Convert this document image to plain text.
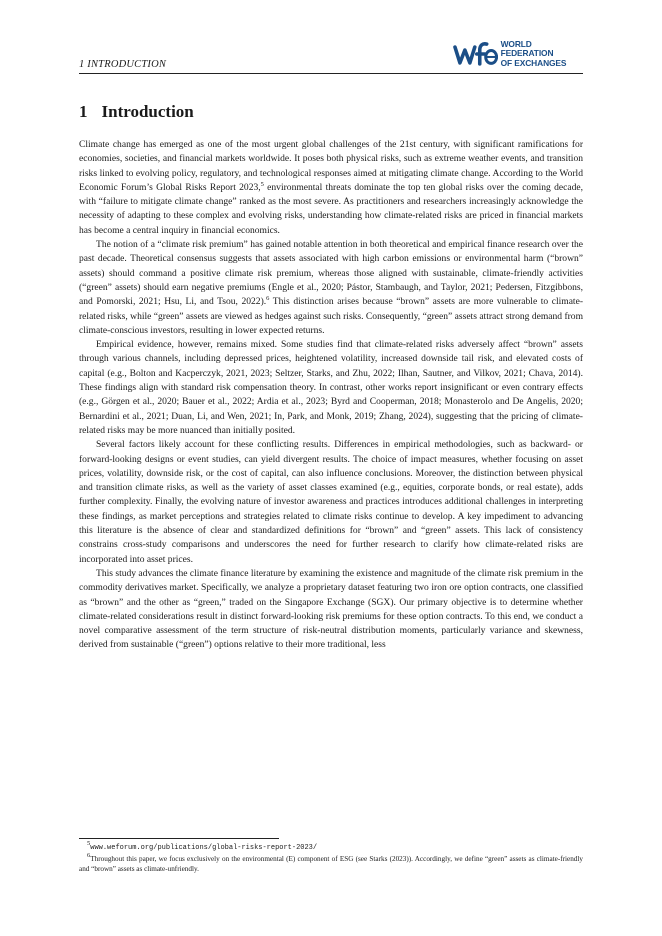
1 INTRODUCTION
WORLD FEDERATION
OF EXCHANGES
1 Introduction

Climate change has emerged as one of the most urgent global challenges of the 21st century, with significant ramifications for economies, societies, and financial markets worldwide. It poses both physical risks, such as extreme weather events, and transition risks linked to evolving policy, regulatory, and technological responses aimed at mitigating climate change. According to the World Economic Forum’s Global Risks Report 2023,$^5$ environmental threats dominate the top ten global risks over the coming decade, with “failure to mitigate climate change” ranked as the most severe. As practitioners and researchers increasingly acknowledge the necessity of adapting to these complex and evolving risks, understanding how climate-related risks are priced in financial markets has become a central inquiry in financial economics.

The notion of a “climate risk premium” has gained notable attention in both theoretical and empirical finance research over the past decade. Theoretical consensus suggests that assets associated with high carbon emissions or environmental harm (“brown” assets) should command a positive climate risk premium, whereas those aligned with sustainable, climate-friendly activities (“green” assets) should earn negative premiums (Engle et al., 2020; Pástor, Stambaugh, and Taylor, 2021; Pedersen, Fitzgibbons, and Pomorski, 2021; Hsu, Li, and Tsou, 2022).$^6$ This distinction arises because “brown” assets are more vulnerable to climate-related risks, while “green” assets are viewed as hedges against such risks. Consequently, “green” assets attract strong demand from climate-conscious investors, resulting in lower expected returns.

Empirical evidence, however, remains mixed. Some studies find that climate-related risks adversely affect “brown” assets through various channels, including depressed prices, heightened volatility, increased downside tail risk, and elevated costs of capital (e.g., Bolton and Kacperczyk, 2021, 2023; Seltzer, Starks, and Zhu, 2022; Ilhan, Sautner, and Vilkov, 2021; Chava, 2014). These findings align with standard risk compensation theory. In contrast, other works report insignificant or even contrary effects (e.g., Görgen et al., 2020; Bauer et al., 2022; Ardia et al., 2023; Byrd and Cooperman, 2018; Monasterolo and De Angelis, 2020; Bernardini et al., 2021; Duan, Li, and Wen, 2021; In, Park, and Monk, 2019; Zhang, 2024), suggesting that the pricing of climate-related risks may be more nuanced than initially posited.

Several factors likely account for these conflicting results. Differences in empirical methodologies, such as backward- or forward-looking designs or event studies, can yield divergent results. The choice of impact measures, whether focusing on asset prices, volatility, downside risk, or the cost of capital, can also influence conclusions. Moreover, the distinction between physical and transition climate risks, as well as the variety of asset classes examined (e.g., equities, corporate bonds, or real estate), adds further complexity. Finally, the evolving nature of investor awareness and practices introduces additional challenges in interpreting these findings, as market perceptions and strategies related to climate risks continue to develop. A key impediment to advancing this literature is the absence of clear and standardized definitions for “brown” and “green” assets. This lack of consistency constrains cross-study comparisons and underscores the need for further research to clarify how climate-related risks are incorporated into asset prices.

This study advances the climate finance literature by examining the existence and magnitude of the climate risk premium in the commodity derivatives market. Specifically, we analyze a proprietary dataset featuring two iron ore option contracts, one classified as “brown” and the other as “green,” traded on the Singapore Exchange (SGX). Our primary objective is to determine whether climate-related considerations result in distinct forward-looking risk premiums for these option contracts. To this end, we conduct a novel comparative assessment of the term structure of risk-neutral distribution moments, particularly variance and skewness, derived from sustainable (“green”) options relative to their more traditional, less

$^5$www.weforum.org/publications/global-risks-report-2023/

$^6$Throughout this paper, we focus exclusively on the environmental (E) component of ESG (see Starks (2023)). Accordingly, we define “green” assets as climate-friendly and “brown” assets as climate-unfriendly.
